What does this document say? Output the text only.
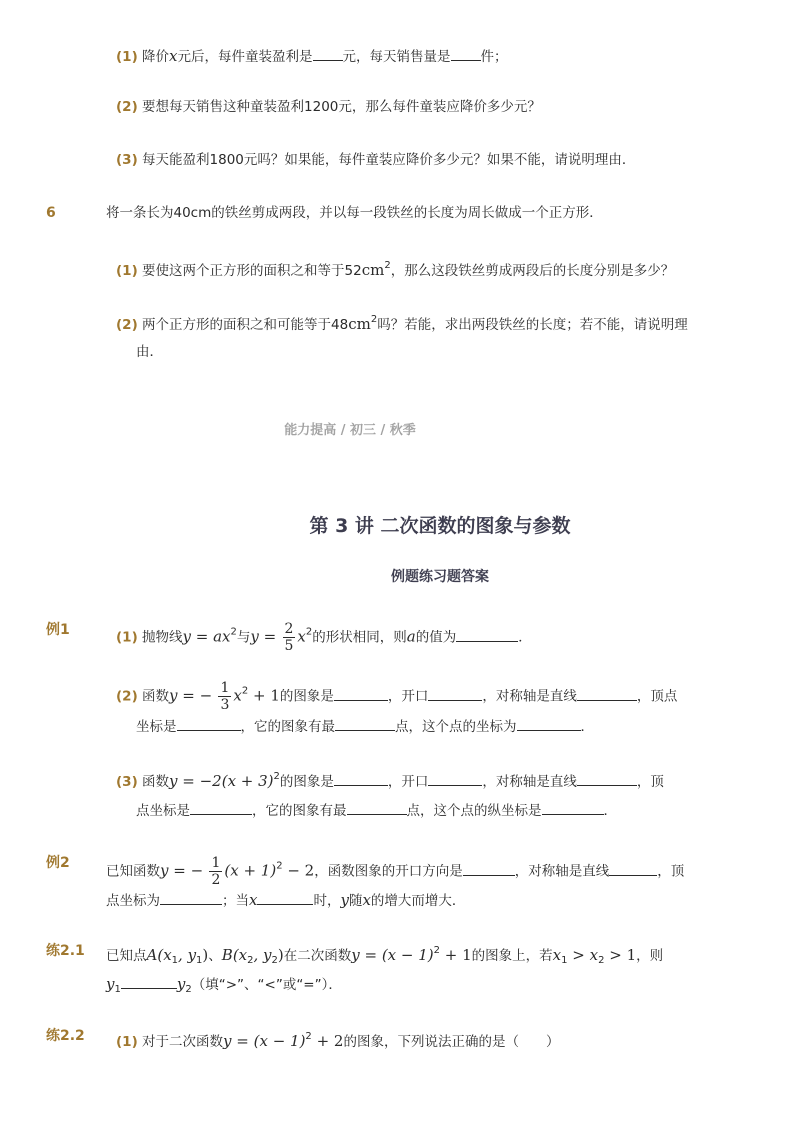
(1) 降价x元后，每件童装盈利是 元，每天销售量是 件；
(2) 要想每天销售这种童装盈利1200元，那么每件童装应降价多少元？
(3) 每天能盈利1800元吗？如果能，每件童装应降价多少元？如果不能，请说明理由．
6	将一条长为40cm的铁丝剪成两段，并以每一段铁丝的长度为周长做成一个正方形．
(1) 要使这两个正方形的面积之和等于$52cm^2$，那么这段铁丝剪成两段后的长度分别是多少？
(2) 两个正方形的面积之和可能等于$48cm^2$吗？若能，求出两段铁丝的长度；若不能，请说明理
由．
能力提高 / 初三 / 秋季
第 3 讲 二次函数的图象与参数
例题练习题答案
例1	(1) 抛物线$y = ax^2$与$y = \frac{2}{5} x^2$的形状相同，则a的值为	．
(2) 函数y = − $\frac{1}{3} x^2 + 1$的图象是	，开口	，对称轴是直线	，顶点
坐标是	，它的图象有最	点，这个点的坐标为	．
(3) 函数$y = -2(x + 3)^2$的图象是	，开口	，对称轴是直线	，顶
点坐标是	，它的图象有最	点，这个点的纵坐标是	．
例2
已知函数y = − $\frac{1}{2} (x + 1)^2 - 2$，函数图象的开口方向是	，对称轴是直线	，顶
点坐标为	；当x	时，y随x的增大而增大．
练2.1 已知点$A(x_1$, $y_1$)、$B(x_2$, $y_2$)在二次函数$y = (x - 1)^2 + 1$的图象上，若$x_1 > x_2 > 1$，则
$y_1$	$y_2$（填“>”、“<”或“=”）．
练2.2 (1) 对于二次函数$y = (x - 1)^2 + 2$的图象，下列说法正确的是（　　）
